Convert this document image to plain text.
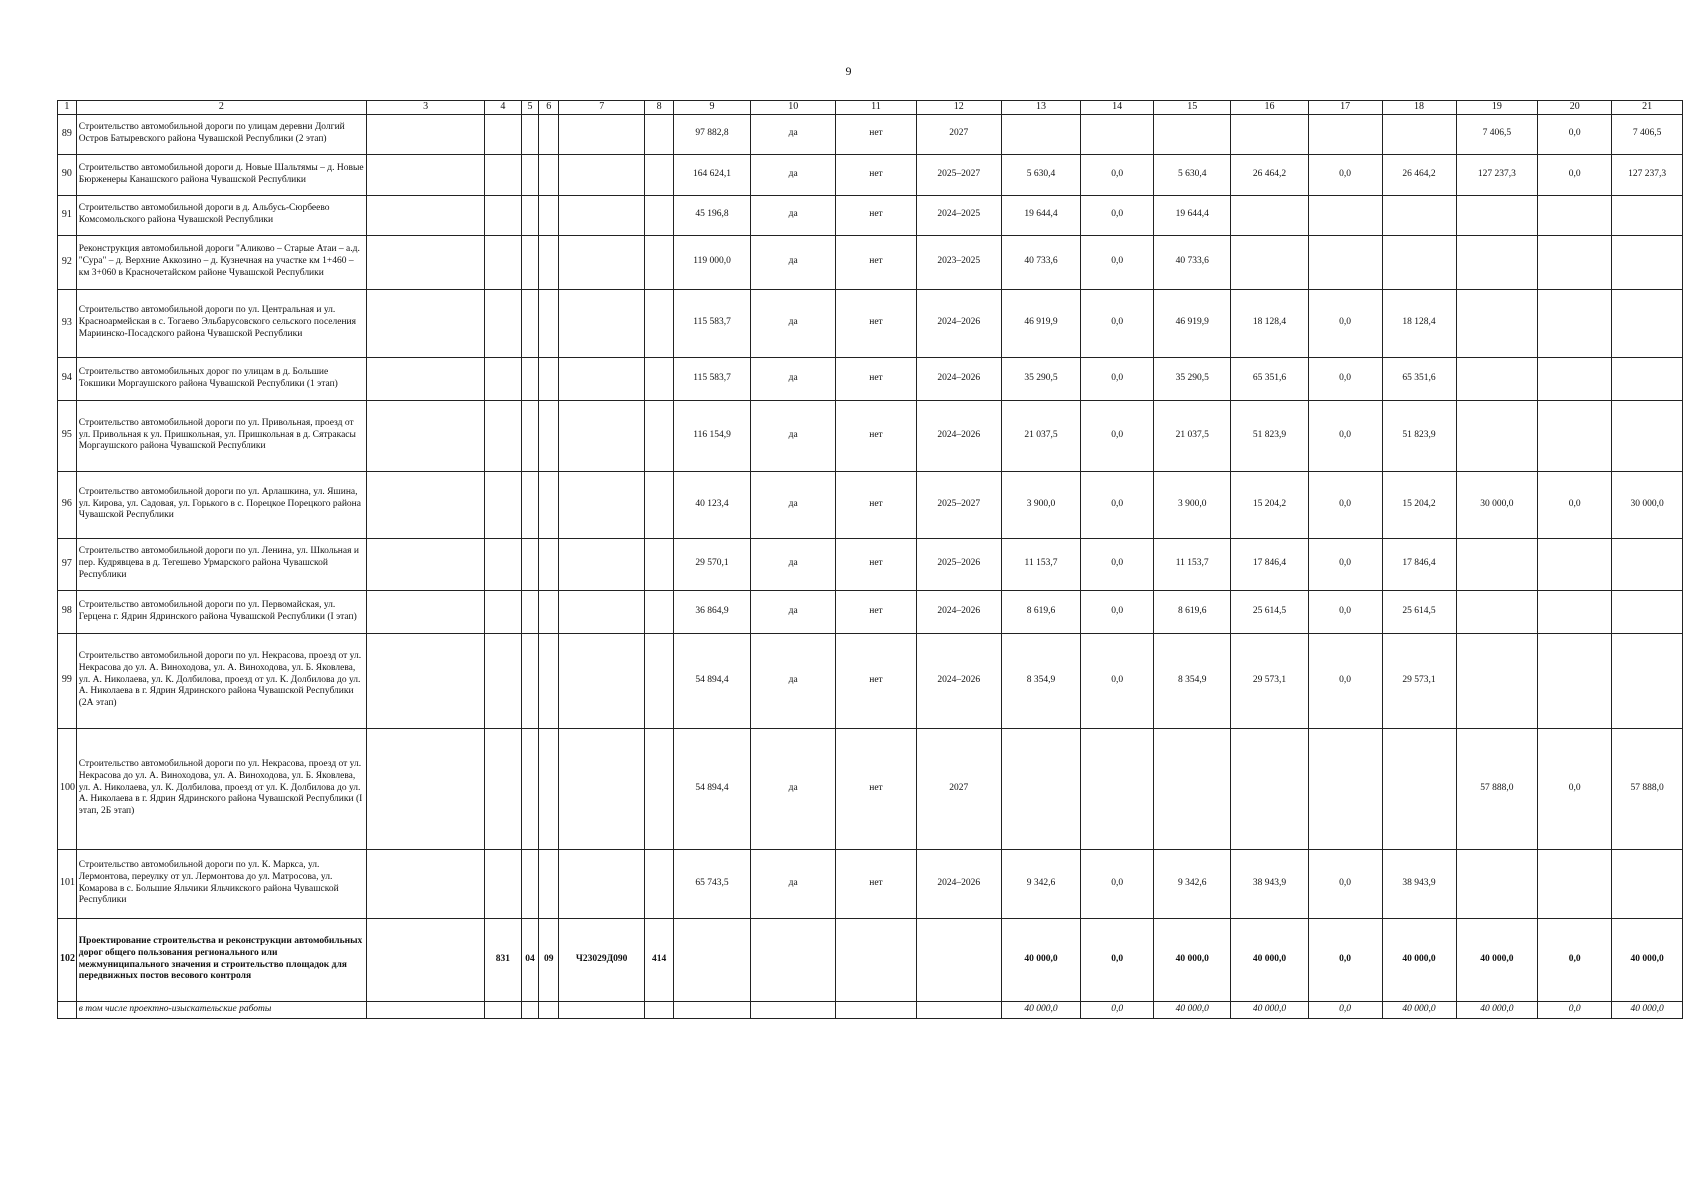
9
1	2	3	4	5	6	7	8	9	10	11	12	13	14	15	16	17	18	19	20	21
89	Строительство автомобильной дороги по улицам деревни Долгий Остров Батыревского района Чувашской Республики (2 этап)							97 882,8	да	нет	2027							7 406,5	0,0	7 406,5
90	Строительство автомобильной дороги д. Новые Шальтямы – д. Новые Бюрженеры Канашского района Чувашской Республики							164 624,1	да	нет	2025–2027	5 630,4	0,0	5 630,4	26 464,2	0,0	26 464,2	127 237,3	0,0	127 237,3
91	Строительство автомобильной дороги в д. Альбусь-Сюрбеево Комсомольского района Чувашской Республики							45 196,8	да	нет	2024–2025	19 644,4	0,0	19 644,4						
92	Реконструкция автомобильной дороги "Аликово – Старые Атаи – а.д. "Сура" – д. Верхние Аккозино – д. Кузнечная на участке км 1+460 – км 3+060 в Красночетайском районе Чувашской Республики							119 000,0	да	нет	2023–2025	40 733,6	0,0	40 733,6						
93	Строительство автомобильной дороги по ул. Центральная и ул. Красноармейская в с. Тогаево Эльбарусовского сельского поселения Мариинско-Посадского района Чувашской Республики							115 583,7	да	нет	2024–2026	46 919,9	0,0	46 919,9	18 128,4	0,0	18 128,4			
94	Строительство автомобильных дорог по улицам в д. Большие Токшики Моргаушского района Чувашской Республики (1 этап)							115 583,7	да	нет	2024–2026	35 290,5	0,0	35 290,5	65 351,6	0,0	65 351,6			
95	Строительство автомобильной дороги по ул. Привольная, проезд от ул. Привольная к ул. Пришкольная, ул. Пришкольная в д. Сятракасы Моргаушского района Чувашской Республики							116 154,9	да	нет	2024–2026	21 037,5	0,0	21 037,5	51 823,9	0,0	51 823,9			
96	Строительство автомобильной дороги по ул. Арлашкина, ул. Яшина, ул. Кирова, ул. Садовая, ул. Горького в с. Порецкое Порецкого района Чувашской Республики							40 123,4	да	нет	2025–2027	3 900,0	0,0	3 900,0	15 204,2	0,0	15 204,2	30 000,0	0,0	30 000,0
97	Строительство автомобильной дороги по ул. Ленина, ул. Школьная и пер. Кудрявцева в д. Тегешево Урмарского района Чувашской Республики							29 570,1	да	нет	2025–2026	11 153,7	0,0	11 153,7	17 846,4	0,0	17 846,4			
98	Строительство автомобильной дороги по ул. Первомайская, ул. Герцена г. Ядрин Ядринского района Чувашской Республики (I этап)							36 864,9	да	нет	2024–2026	8 619,6	0,0	8 619,6	25 614,5	0,0	25 614,5			
99	Строительство автомобильной дороги по ул. Некрасова, проезд от ул. Некрасова до ул. А. Виноходова, ул. А. Виноходова, ул. Б. Яковлева, ул. А. Николаева, ул. К. Долбилова, проезд от ул. К. Долбилова до ул. А. Николаева в г. Ядрин Ядринского района Чувашской Республики (2А этап)							54 894,4	да	нет	2024–2026	8 354,9	0,0	8 354,9	29 573,1	0,0	29 573,1			
100	Строительство автомобильной дороги по ул. Некрасова, проезд от ул. Некрасова до ул. А. Виноходова, ул. А. Виноходова, ул. Б. Яковлева, ул. А. Николаева, ул. К. Долбилова, проезд от ул. К. Долбилова до ул. А. Николаева в г. Ядрин Ядринского района Чувашской Республики (I этап, 2Б этап)							54 894,4	да	нет	2027							57 888,0	0,0	57 888,0
101	Строительство автомобильной дороги по ул. К. Маркса, ул. Лермонтова, переулку от ул. Лермонтова до ул. Матросова, ул. Комарова в с. Большие Яльчики Яльчикского района Чувашской Республики							65 743,5	да	нет	2024–2026	9 342,6	0,0	9 342,6	38 943,9	0,0	38 943,9			
102	Проектирование строительства и реконструкции автомобильных дорог общего пользования регионального или межмуниципального значения и строительство площадок для передвижных постов весового контроля		831	04	09	Ч23029Д090	414					40 000,0	0,0	40 000,0	40 000,0	0,0	40 000,0	40 000,0	0,0	40 000,0
	в том числе проектно-изыскательские работы											40 000,0	0,0	40 000,0	40 000,0	0,0	40 000,0	40 000,0	0,0	40 000,0
